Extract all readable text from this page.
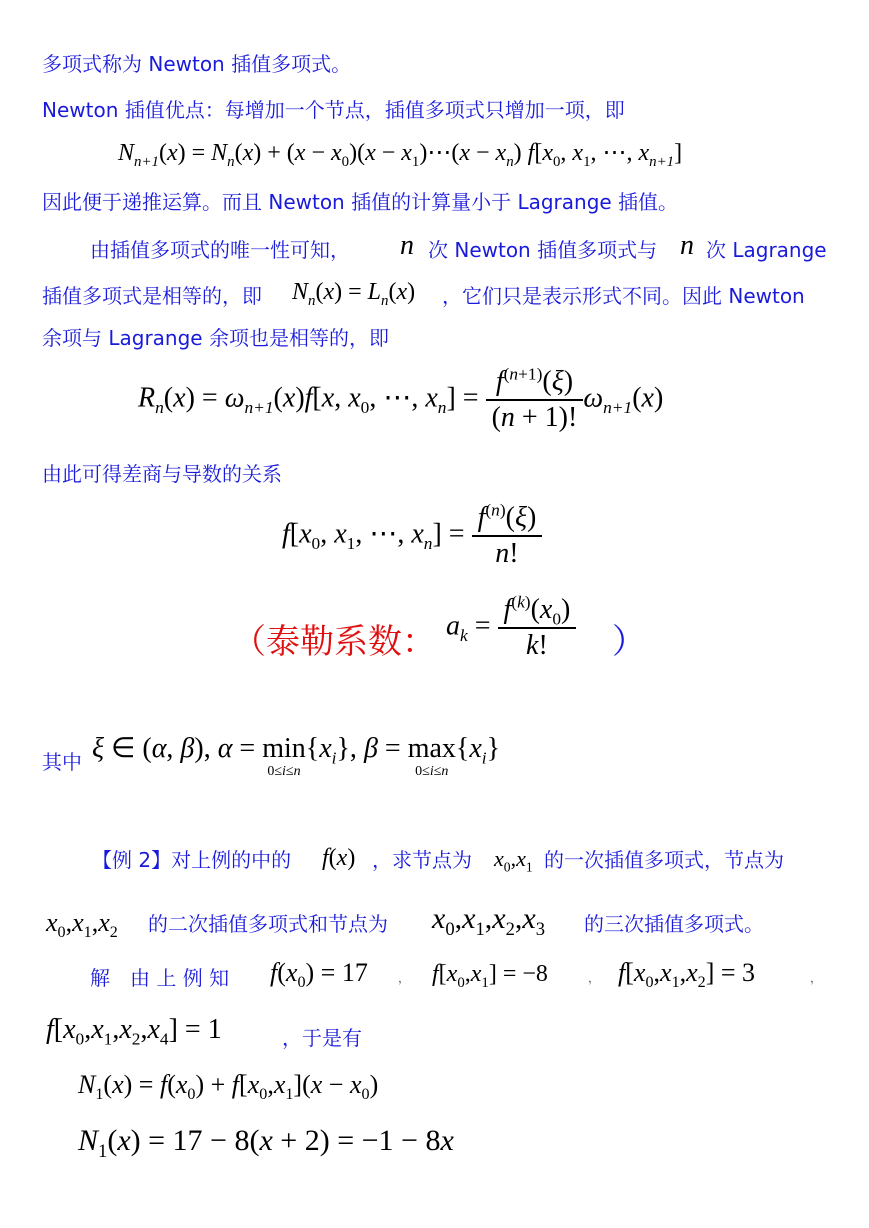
多项式称为 Newton 插值多项式。
Newton 插值优点：每增加一个节点，插值多项式只增加一项，即
$N_{n+1}(x) = N_n(x) + (x - x_0)(x$ − $x_1)\cdots(x - x_n)$ $f[x_0$, $x_1$, ⋯, $x_{n+1}$]
因此便于递推运算。而且 Newton 插值的计算量小于 Lagrange 插值。
由插值多项式的唯一性可知， n 次 Newton 插值多项式与 n 次 Lagrange
插值多项式是相等的，即 $N_n(x) = L_n(x)$ ，它们只是表示形式不同。因此 Newton
余项与 Lagrange 余项也是相等的，即
$R_n(x) = \omega_{n+1}(x)f[x$, $x_0$, ⋯, $x_n] = \frac{f^{(n+1)}(\xi)}{(n + 1)!} \omega_{n+1}(x)$
由此可得差商与导数的关系
$f[x_0$, $x_1$, ⋯, $x_n] = \frac{f^{(n)}(\xi)}{n!}$
（泰勒系数： $a_k = \frac{f^{(k)}(x_0)}{k!}$ ）
其中 ξ ∈ (α, β), α = min
0≤i≤n
$\{x_i\}$, β = max
0≤i≤n
$\{x_i\}$
【例 2】对上例的中的 f(x) ，求节点为 $x_0,x_1$ 的一次插值多项式，节点为
$x_0,x_1,x_2$ 的二次插值多项式和节点为 $x_0,x_1,x_2,x_3$ 的三次插值多项式。
解　由 上 例 知 $f(x_0) = 17$	， $f[x_0,x_1] = -8$	， $f[x_0,x_1,x_2] = 3$	，
$f[x_0,x_1,x_2,x_4] = 1$	，于是有
$N_1(x) = f(x_0) + f[x_0,x_1](x - x_0)$
$N_1(x) = 17 - 8(x + 2) = -1 - 8x$
